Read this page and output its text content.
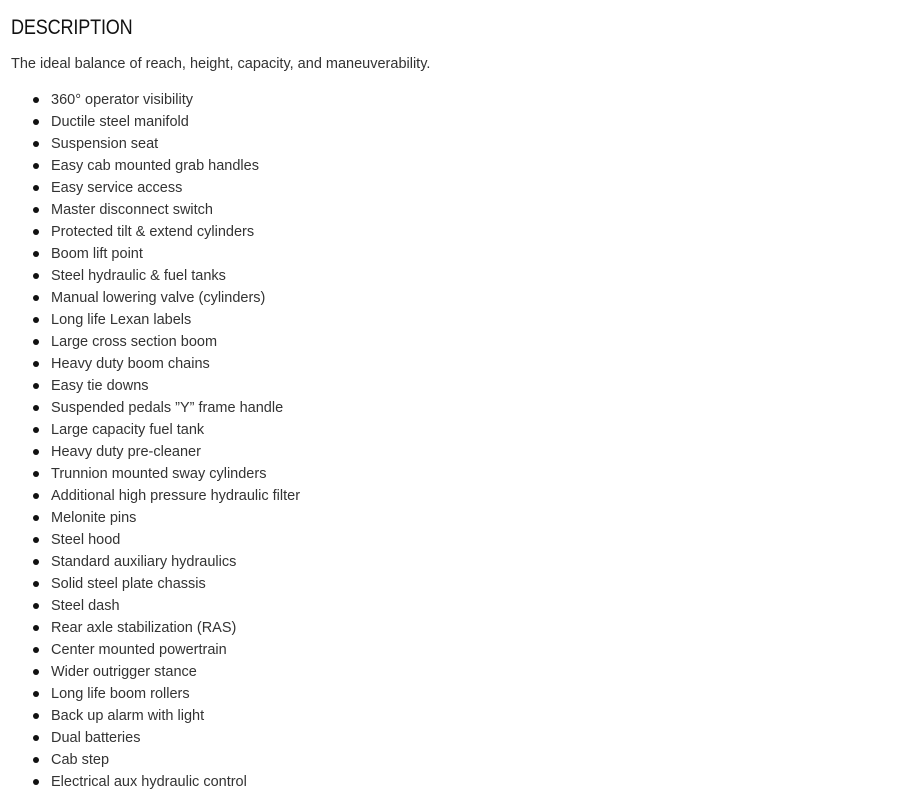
DESCRIPTION

The ideal balance of reach, height, capacity, and maneuverability.

360° operator visibility
Ductile steel manifold
Suspension seat
Easy cab mounted grab handles
Easy service access
Master disconnect switch
Protected tilt & extend cylinders
Boom lift point
Steel hydraulic & fuel tanks
Manual lowering valve (cylinders)
Long life Lexan labels
Large cross section boom
Heavy duty boom chains
Easy tie downs
Suspended pedals ”Y” frame handle
Large capacity fuel tank
Heavy duty pre-cleaner
Trunnion mounted sway cylinders
Additional high pressure hydraulic filter
Melonite pins
Steel hood
Standard auxiliary hydraulics
Solid steel plate chassis
Steel dash
Rear axle stabilization (RAS)
Center mounted powertrain
Wider outrigger stance
Long life boom rollers
Back up alarm with light
Dual batteries
Cab step
Electrical aux hydraulic control
